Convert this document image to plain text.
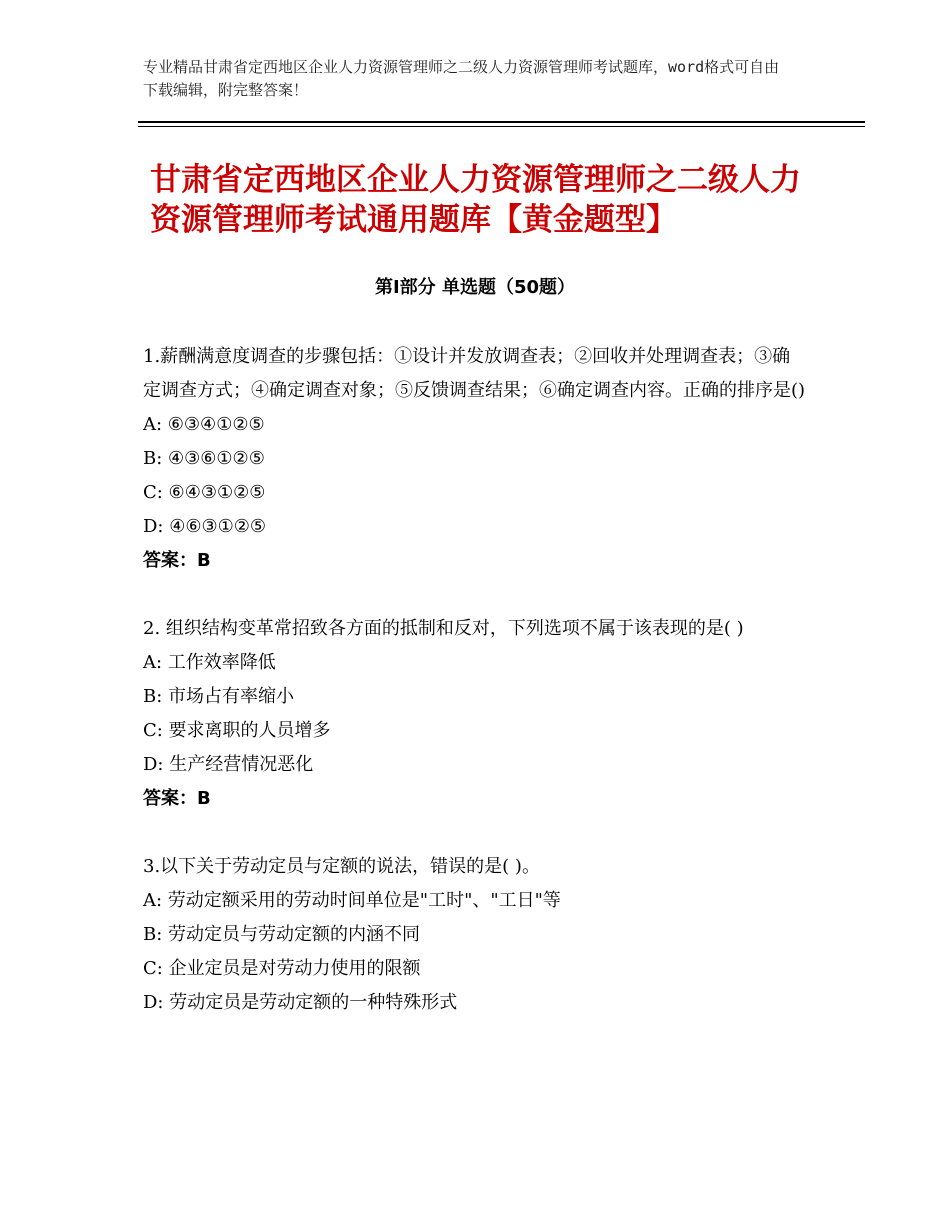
专业精品甘肃省定西地区企业人力资源管理师之二级人力资源管理师考试题库，word格式可自由下载编辑，附完整答案！
甘肃省定西地区企业人力资源管理师之二级人力资源管理师考试通用题库【黄金题型】
第Ⅰ部分 单选题（50题）

1.薪酬满意度调查的步骤包括：①设计并发放调查表；②回收并处理调查表；③确定调查方式；④确定调查对象；⑤反馈调查结果；⑥确定调查内容。正确的排序是()

A: ⑥③④①②⑤

B: ④③⑥①②⑤

C: ⑥④③①②⑤

D: ④⑥③①②⑤

答案：B

2. 组织结构变革常招致各方面的抵制和反对，下列选项不属于该表现的是( )

A: 工作效率降低

B: 市场占有率缩小

C: 要求离职的人员增多

D: 生产经营情况恶化

答案：B

3.以下关于劳动定员与定额的说法，错误的是( )。

A: 劳动定额采用的劳动时间单位是"工时"、"工日"等

B: 劳动定员与劳动定额的内涵不同

C: 企业定员是对劳动力使用的限额

D: 劳动定员是劳动定额的一种特殊形式
